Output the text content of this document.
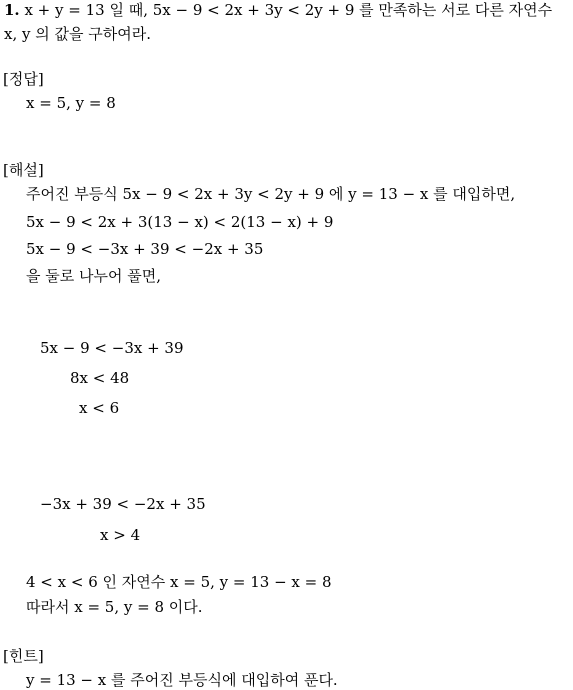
1. x + y = 13 일 때, 5x − 9 < 2x + 3y < 2y + 9 를 만족하는 서로 다른 자연수
x, y 의 값을 구하여라.
[정답]
x = 5, y = 8
[해설]
주어진 부등식 5x − 9 < 2x + 3y < 2y + 9 에 y = 13 − x 를 대입하면,
5x − 9 < 2x + 3(13 − x) < 2(13 − x) + 9
5x − 9 < −3x + 39 < −2x + 35
을 둘로 나누어 풀면,
5x − 9 < −3x + 39
8x < 48
x < 6
−3x + 39 < −2x + 35
x > 4
4 < x < 6 인 자연수 x = 5, y = 13 − x = 8
따라서 x = 5, y = 8 이다.
[힌트]
y = 13 − x 를 주어진 부등식에 대입하여 푼다.
